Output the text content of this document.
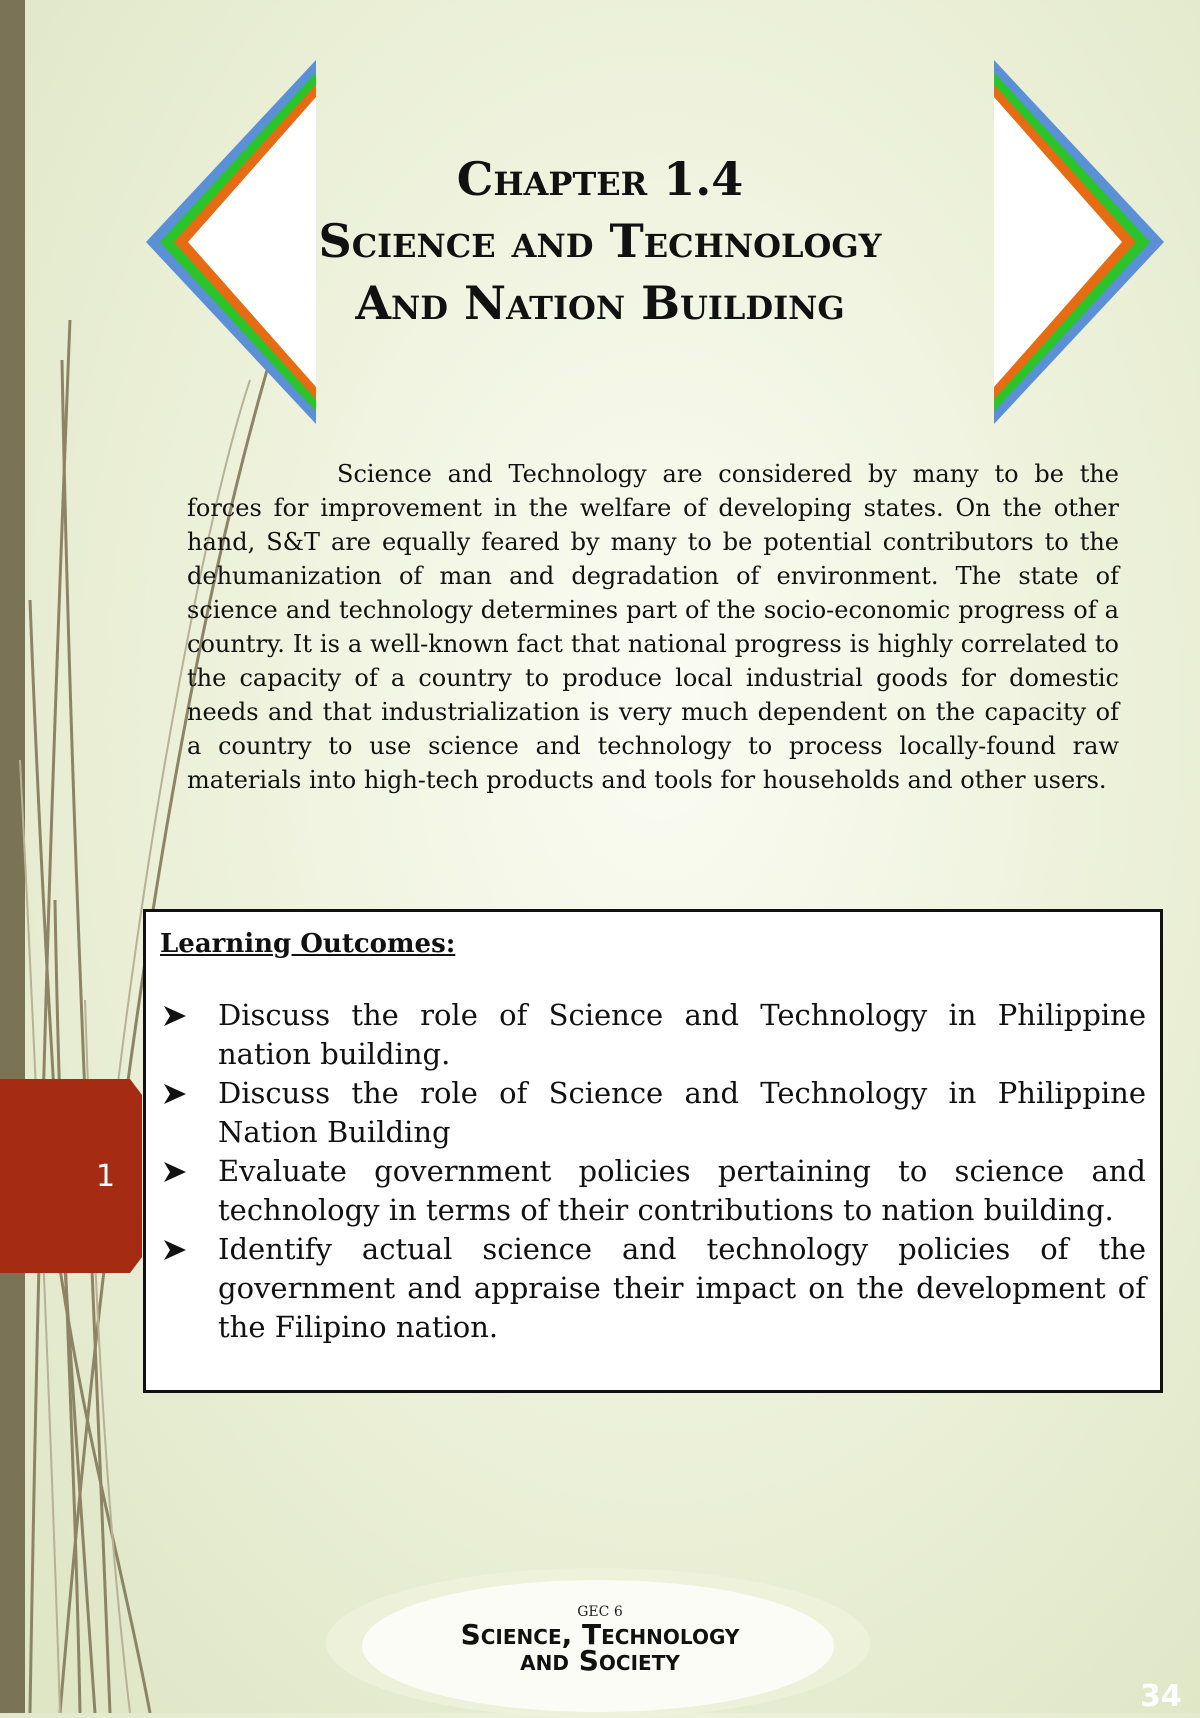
Chapter 1.4
Science and Technology
And Nation Building

Science and Technology are considered by many to be the forces for improvement in the welfare of developing states. On the other hand, S&T are equally feared by many to be potential contributors to the dehumanization of man and degradation of environment. The state of science and technology determines part of the socio-economic progress of a country. It is a well-known fact that national progress is highly correlated to the capacity of a country to produce local industrial goods for domestic needs and that industrialization is very much dependent on the capacity of a country to use science and technology to process locally-found raw materials into high-tech products and tools for households and other users.

Learning Outcomes:
Discuss the role of Science and Technology in Philippine nation building.
Discuss the role of Science and Technology in Philippine Nation Building
Evaluate government policies pertaining to science and technology in terms of their contributions to nation building.
Identify actual science and technology policies of the government and appraise their impact on the development of the Filipino nation.
1
GEC 6
Science, Technology
and Society
34
